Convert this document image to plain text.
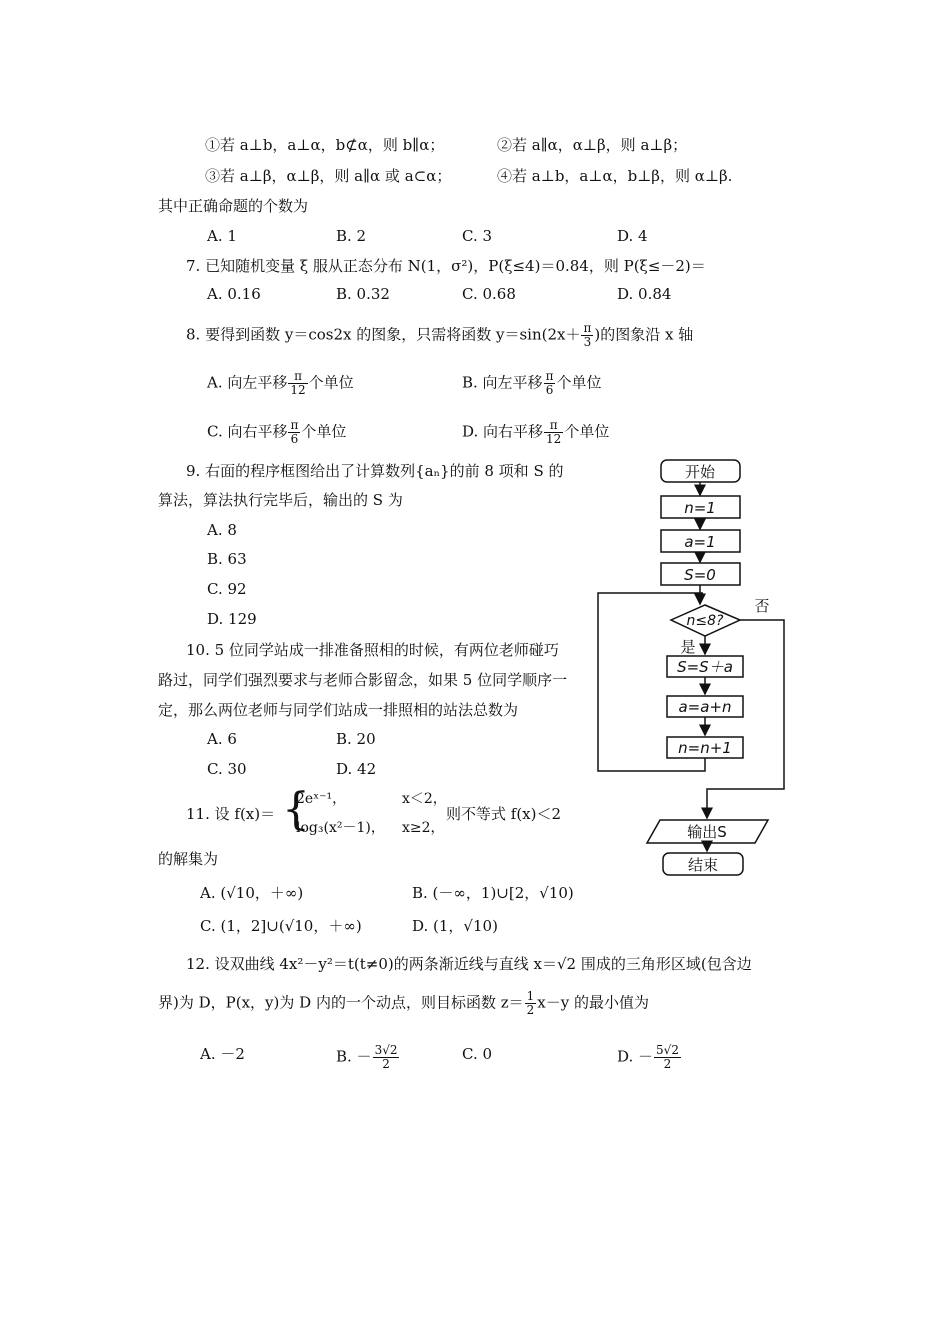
①若 a⊥b，a⊥α，b⊄α，则 b∥α；	②若 a∥α，α⊥β，则 a⊥β；
③若 a⊥β，α⊥β，则 a∥α 或 a⊂α；	④若 a⊥b，a⊥α，b⊥β，则 α⊥β.
其中正确命题的个数为
A. 1	B. 2	C. 3	D. 4
7. 已知随机变量 ξ 服从正态分布 N(1，σ²)，P(ξ≤4)＝0.84，则 P(ξ≤－2)＝
A. 0.16	B. 0.32	C. 0.68	D. 0.84
8. 要得到函数 y＝cos2x 的图象，只需将函数 $y=\sin(2x+ \frac{\pi}{3}$ )的图象沿 x 轴
A. 向左平移 $\frac{\pi}{12}$ 个单位	B. 向左平移 $\frac{\pi}{6}$ 个单位
C. 向右平移 $\frac{\pi}{6}$ 个单位	D. 向右平移 $\frac{\pi}{12}$ 个单位
9. 右面的程序框图给出了计算数列{aₙ}的前 8 项和 S 的
算法，算法执行完毕后，输出的 S 为
A. 8
B. 63
C. 92
D. 129
10. 5 位同学站成一排准备照相的时候，有两位老师碰巧
路过，同学们强烈要求与老师合影留念，如果 5 位同学顺序一
定，那么两位老师与同学们站成一排照相的站法总数为
A. 6	B. 20
C. 30	D. 42
11. 设 f(x)＝ {
2eˣ⁻¹，	x＜2，
log₃(x²－1)， x≥2，
则不等式 f(x)＜2
的解集为
A. (√10，＋∞)	B. (－∞，1)∪[2，√10)
C. (1，2]∪(√10，＋∞)	D. (1，√10)
12. 设双曲线 4x²－y²＝t(t≠0)的两条渐近线与直线 x＝√2 围成的三角形区域(包含边
界)为 D，P(x，y)为 D 内的一个动点，则目标函数 $z= \frac{1}{2} x-y$ 的最小值为
A. －2	B. － $\frac{3√2}{2}$	C. 0	D. － $\frac{5√2}{2}$
开始
n=1
a=1
S=0
n≤8?
否
是
S=S＋a
a=a+n
n=n+1
输出S
结束
